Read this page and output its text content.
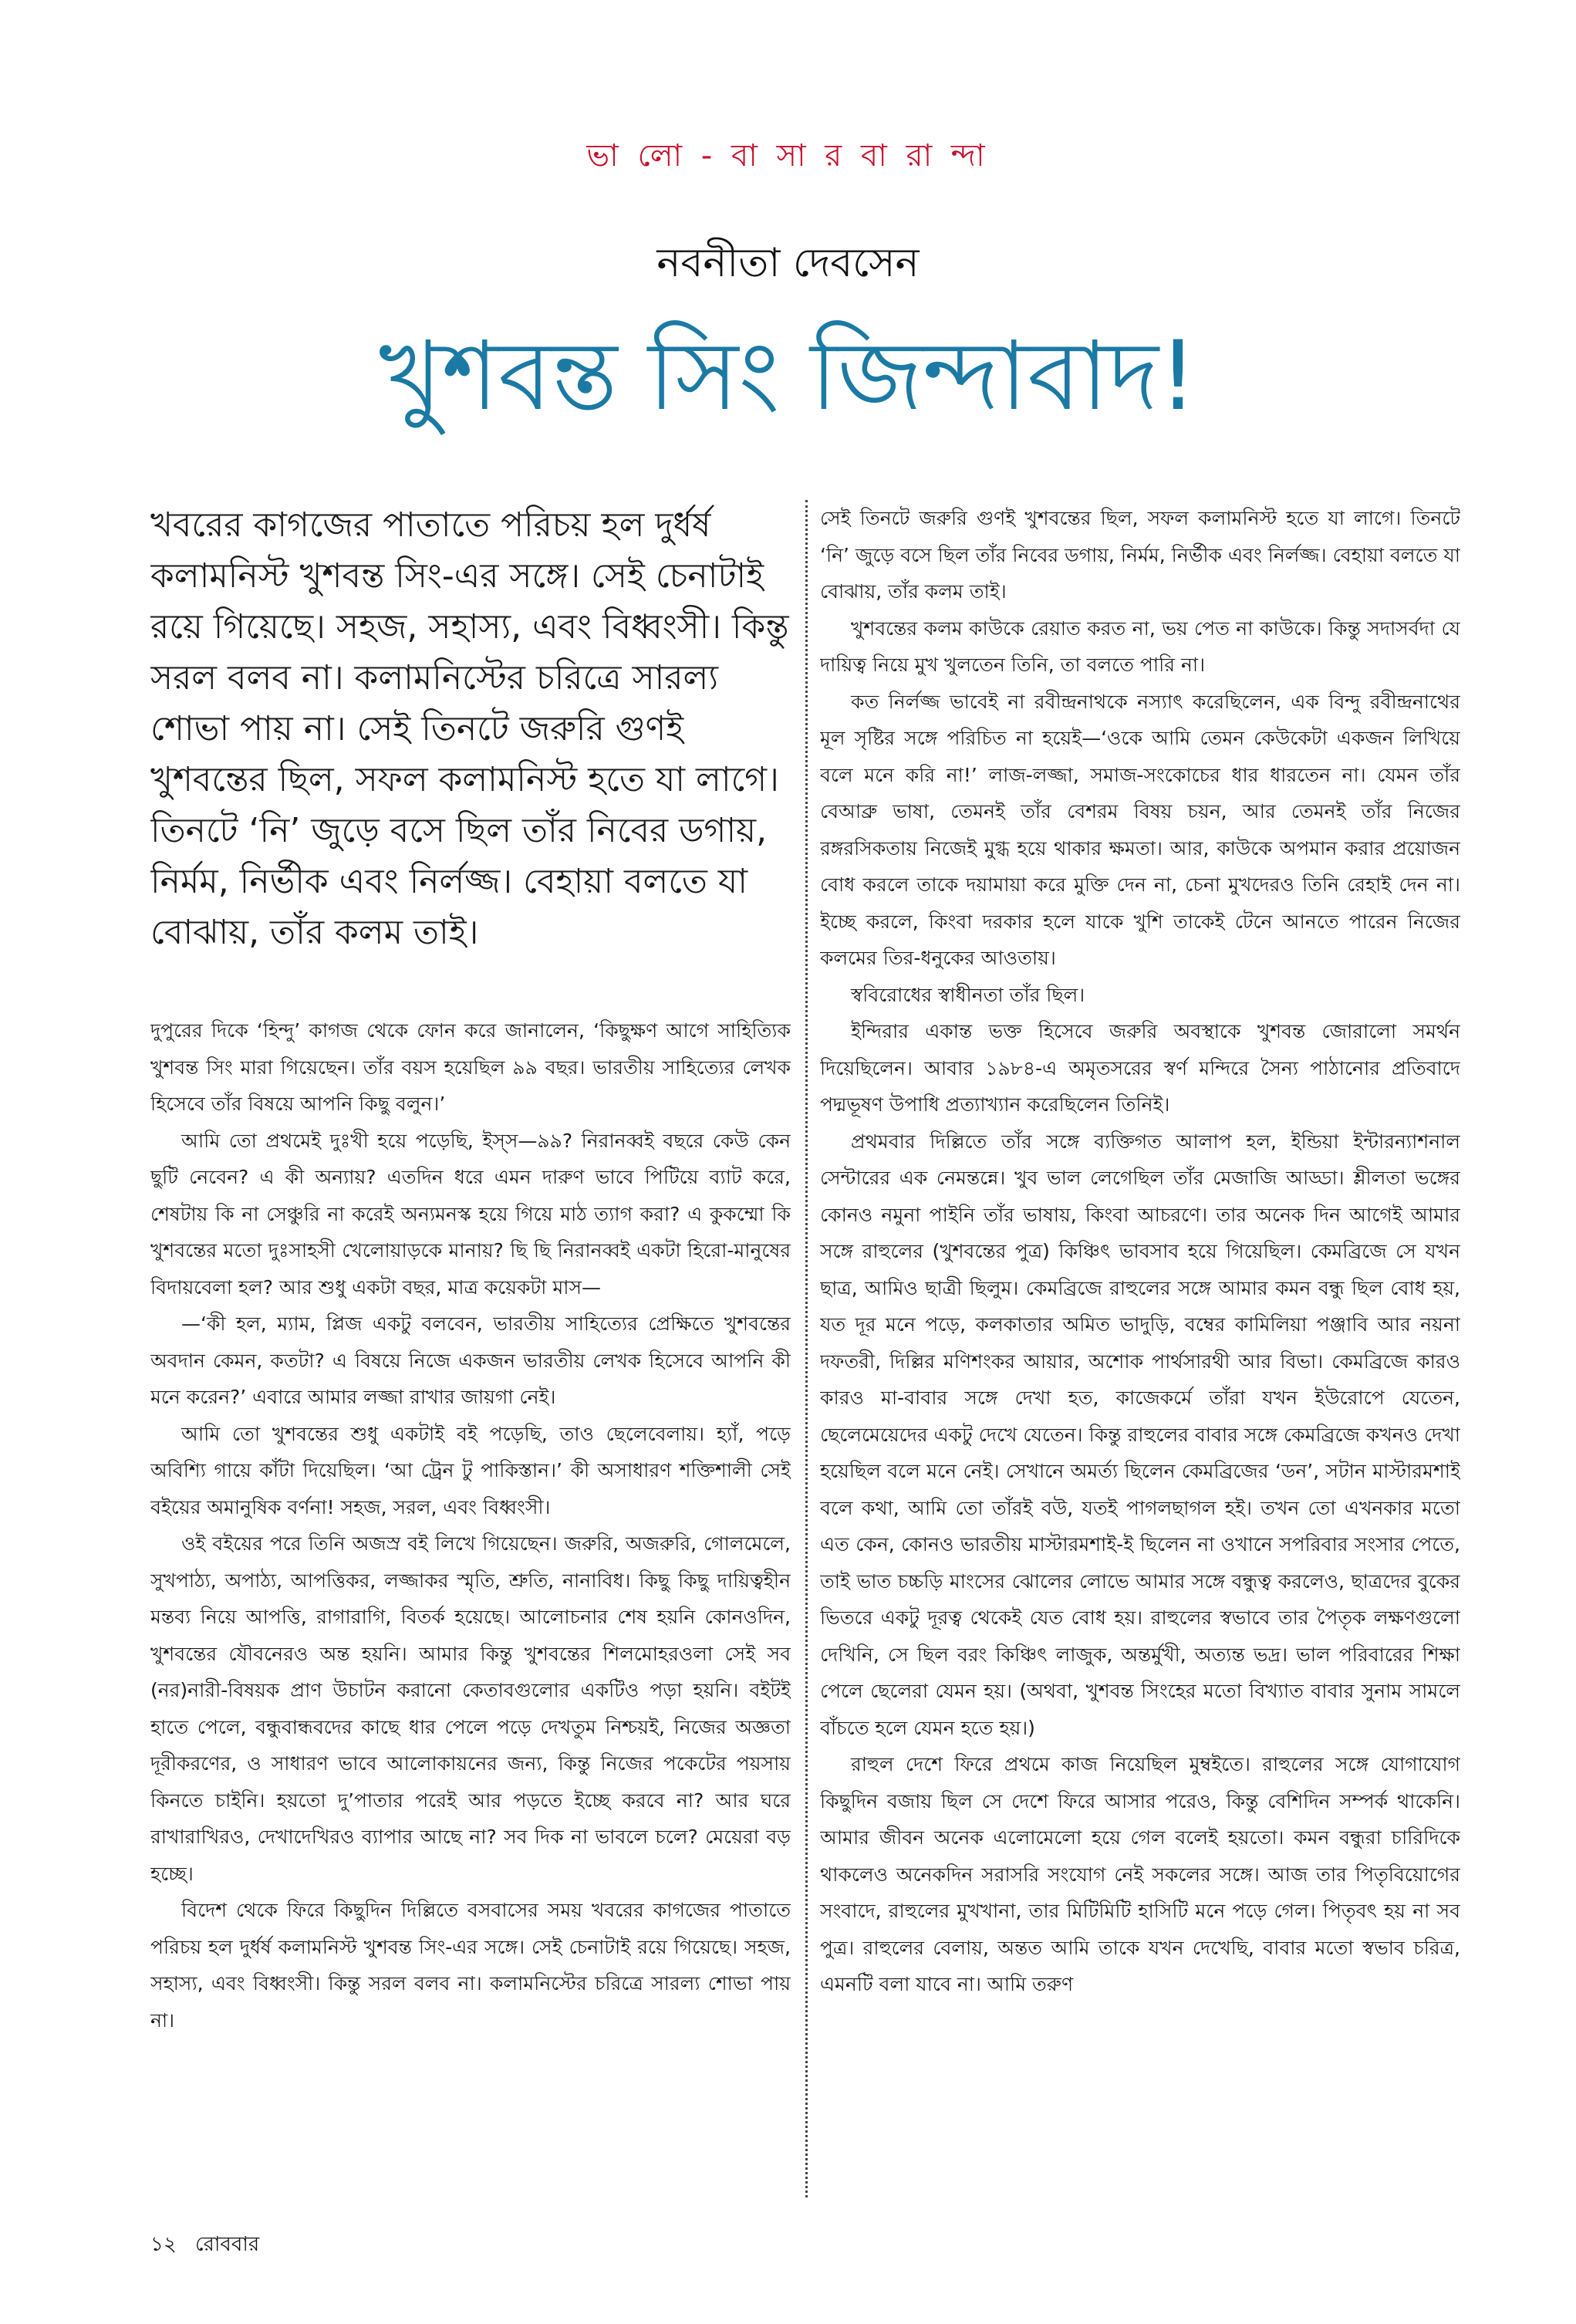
ভা লো - বা সা র বা রা ন্দা
নবনীতা দেবসেন
খুশবন্ত সিং জিন্দাবাদ!

খবরের কাগজের পাতাতে পরিচয় হল দুর্ধর্ষ কলামনিস্ট খুশবন্ত সিং-এর সঙ্গে। সেই চেনাটাই রয়ে গিয়েছে। সহজ, সহাস্য, এবং বিধ্বংসী। কিন্তু সরল বলব না। কলামনিস্টের চরিত্রে সারল্য শোভা পায় না। সেই তিনটে জরুরি গুণই খুশবন্তের ছিল, সফল কলামনিস্ট হতে যা লাগে। তিনটে ‘নি’ জুড়ে বসে ছিল তাঁর নিবের ডগায়, নির্মম, নির্ভীক এবং নির্লজ্জ। বেহায়া বলতে যা বোঝায়, তাঁর কলম তাই।

দুপুরের দিকে ‘হিন্দু’ কাগজ থেকে ফোন করে জানালেন, ‘কিছুক্ষণ আগে সাহিত্যিক খুশবন্ত সিং মারা গিয়েছেন। তাঁর বয়স হয়েছিল ৯৯ বছর। ভারতীয় সাহিত্যের লেখক হিসেবে তাঁর বিষয়ে আপনি কিছু বলুন।’

আমি তো প্রথমেই দুঃখী হয়ে পড়েছি, ইস্স—৯৯? নিরানব্বই বছরে কেউ কেন ছুটি নেবেন? এ কী অন্যায়? এতদিন ধরে এমন দারুণ ভাবে পিটিয়ে ব্যাট করে, শেষটায় কি না সেঞ্চুরি না করেই অন্যমনস্ক হয়ে গিয়ে মাঠ ত্যাগ করা? এ কুকম্মো কি খুশবন্তের মতো দুঃসাহসী খেলোয়াড়কে মানায়? ছি ছি নিরানব্বই একটা হিরো-মানুষের বিদায়বেলা হল? আর শুধু একটা বছর, মাত্র কয়েকটা মাস—

—‘কী হল, ম্যাম, প্লিজ একটু বলবেন, ভারতীয় সাহিত্যের প্রেক্ষিতে খুশবন্তের অবদান কেমন, কতটা? এ বিষয়ে নিজে একজন ভারতীয় লেখক হিসেবে আপনি কী মনে করেন?’ এবারে আমার লজ্জা রাখার জায়গা নেই।

আমি তো খুশবন্তের শুধু একটাই বই পড়েছি, তাও ছেলেবেলায়। হ্যাঁ, পড়ে অবিশ্যি গায়ে কাঁটা দিয়েছিল। ‘আ ট্রেন টু পাকিস্তান।’ কী অসাধারণ শক্তিশালী সেই বইয়ের অমানুষিক বর্ণনা! সহজ, সরল, এবং বিধ্বংসী।

ওই বইয়ের পরে তিনি অজস্র বই লিখে গিয়েছেন। জরুরি, অজরুরি, গোলমেলে, সুখপাঠ্য, অপাঠ্য, আপত্তিকর, লজ্জাকর স্মৃতি, শ্রুতি, নানাবিধ। কিছু কিছু দায়িত্বহীন মন্তব্য নিয়ে আপত্তি, রাগারাগি, বিতর্ক হয়েছে। আলোচনার শেষ হয়নি কোনওদিন, খুশবন্তের যৌবনেরও অন্ত হয়নি। আমার কিন্তু খুশবন্তের শিলমোহরওলা সেই সব (নর)নারী-বিষয়ক প্রাণ উচাটন করানো কেতাবগুলোর একটিও পড়া হয়নি। বইটই হাতে পেলে, বন্ধুবান্ধবদের কাছে ধার পেলে পড়ে দেখতুম নিশ্চয়ই, নিজের অজ্ঞতা দূরীকরণের, ও সাধারণ ভাবে আলোকায়নের জন্য, কিন্তু নিজের পকেটের পয়সায় কিনতে চাইনি। হয়তো দু’পাতার পরেই আর পড়তে ইচ্ছে করবে না? আর ঘরে রাখারাখিরও, দেখাদেখিরও ব্যাপার আছে না? সব দিক না ভাবলে চলে? মেয়েরা বড় হচ্ছে।

বিদেশ থেকে ফিরে কিছুদিন দিল্লিতে বসবাসের সময় খবরের কাগজের পাতাতে পরিচয় হল দুর্ধর্ষ কলামনিস্ট খুশবন্ত সিং-এর সঙ্গে। সেই চেনাটাই রয়ে গিয়েছে। সহজ, সহাস্য, এবং বিধ্বংসী। কিন্তু সরল বলব না। কলামনিস্টের চরিত্রে সারল্য শোভা পায় না।

সেই তিনটে জরুরি গুণই খুশবন্তের ছিল, সফল কলামনিস্ট হতে যা লাগে। তিনটে ‘নি’ জুড়ে বসে ছিল তাঁর নিবের ডগায়, নির্মম, নির্ভীক এবং নির্লজ্জ। বেহায়া বলতে যা বোঝায়, তাঁর কলম তাই।

খুশবন্তের কলম কাউকে রেয়াত করত না, ভয় পেত না কাউকে। কিন্তু সদাসর্বদা যে দায়িত্ব নিয়ে মুখ খুলতেন তিনি, তা বলতে পারি না।

কত নির্লজ্জ ভাবেই না রবীন্দ্রনাথকে নস্যাৎ করেছিলেন, এক বিন্দু রবীন্দ্রনাথের মূল সৃষ্টির সঙ্গে পরিচিত না হয়েই—‘ওকে আমি তেমন কেউকেটা একজন লিখিয়ে বলে মনে করি না!’ লাজ-লজ্জা, সমাজ-সংকোচের ধার ধারতেন না। যেমন তাঁর বেআব্রু ভাষা, তেমনই তাঁর বেশরম বিষয় চয়ন, আর তেমনই তাঁর নিজের রঙ্গরসিকতায় নিজেই মুগ্ধ হয়ে থাকার ক্ষমতা। আর, কাউকে অপমান করার প্রয়োজন বোধ করলে তাকে দয়ামায়া করে মুক্তি দেন না, চেনা মুখদেরও তিনি রেহাই দেন না। ইচ্ছে করলে, কিংবা দরকার হলে যাকে খুশি তাকেই টেনে আনতে পারেন নিজের কলমের তির-ধনুকের আওতায়।

স্ববিরোধের স্বাধীনতা তাঁর ছিল।

ইন্দিরার একান্ত ভক্ত হিসেবে জরুরি অবস্থাকে খুশবন্ত জোরালো সমর্থন দিয়েছিলেন। আবার ১৯৮৪-এ অমৃতসরের স্বর্ণ মন্দিরে সৈন্য পাঠানোর প্রতিবাদে পদ্মভূষণ উপাধি প্রত্যাখ্যান করেছিলেন তিনিই।

প্রথমবার দিল্লিতে তাঁর সঙ্গে ব্যক্তিগত আলাপ হল, ইন্ডিয়া ইন্টারন্যাশনাল সেন্টারের এক নেমন্তন্নে। খুব ভাল লেগেছিল তাঁর মেজাজি আড্ডা। শ্লীলতা ভঙ্গের কোনও নমুনা পাইনি তাঁর ভাষায়, কিংবা আচরণে। তার অনেক দিন আগেই আমার সঙ্গে রাহুলের (খুশবন্তের পুত্র) কিঞ্চিৎ ভাবসাব হয়ে গিয়েছিল। কেমব্রিজে সে যখন ছাত্র, আমিও ছাত্রী ছিলুম। কেমব্রিজে রাহুলের সঙ্গে আমার কমন বন্ধু ছিল বোধ হয়, যত দূর মনে পড়ে, কলকাতার অমিত ভাদুড়ি, বম্বের কামিলিয়া পঞ্জাবি আর নয়না দফতরী, দিল্লির মণিশংকর আয়ার, অশোক পার্থসারথী আর বিভা। কেমব্রিজে কারও কারও মা-বাবার সঙ্গে দেখা হত, কাজেকর্মে তাঁরা যখন ইউরোপে যেতেন, ছেলেমেয়েদের একটু দেখে যেতেন। কিন্তু রাহুলের বাবার সঙ্গে কেমব্রিজে কখনও দেখা হয়েছিল বলে মনে নেই। সেখানে অমর্ত্য ছিলেন কেমব্রিজের ‘ডন’, সটান মাস্টারমশাই বলে কথা, আমি তো তাঁরই বউ, যতই পাগলছাগল হই। তখন তো এখনকার মতো এত কেন, কোনও ভারতীয় মাস্টারমশাই-ই ছিলেন না ওখানে সপরিবার সংসার পেতে, তাই ভাত চচ্চড়ি মাংসের ঝোলের লোভে আমার সঙ্গে বন্ধুত্ব করলেও, ছাত্রদের বুকের ভিতরে একটু দূরত্ব থেকেই যেত বোধ হয়। রাহুলের স্বভাবে তার পৈতৃক লক্ষণগুলো দেখিনি, সে ছিল বরং কিঞ্চিৎ লাজুক, অন্তর্মুখী, অত্যন্ত ভদ্র। ভাল পরিবারের শিক্ষা পেলে ছেলেরা যেমন হয়। (অথবা, খুশবন্ত সিংহের মতো বিখ্যাত বাবার সুনাম সামলে বাঁচতে হলে যেমন হতে হয়।)

রাহুল দেশে ফিরে প্রথমে কাজ নিয়েছিল মুম্বইতে। রাহুলের সঙ্গে যোগাযোগ কিছুদিন বজায় ছিল সে দেশে ফিরে আসার পরেও, কিন্তু বেশিদিন সম্পর্ক থাকেনি। আমার জীবন অনেক এলোমেলো হয়ে গেল বলেই হয়তো। কমন বন্ধুরা চারিদিকে থাকলেও অনেকদিন সরাসরি সংযোগ নেই সকলের সঙ্গে। আজ তার পিতৃবিয়োগের সংবাদে, রাহুলের মুখখানা, তার মিটিমিটি হাসিটি মনে পড়ে গেল। পিতৃবৎ হয় না সব পুত্র। রাহুলের বেলায়, অন্তত আমি তাকে যখন দেখেছি, বাবার মতো স্বভাব চরিত্র, এমনটি বলা যাবে না। আমি তরুণ

১২ রোববার
